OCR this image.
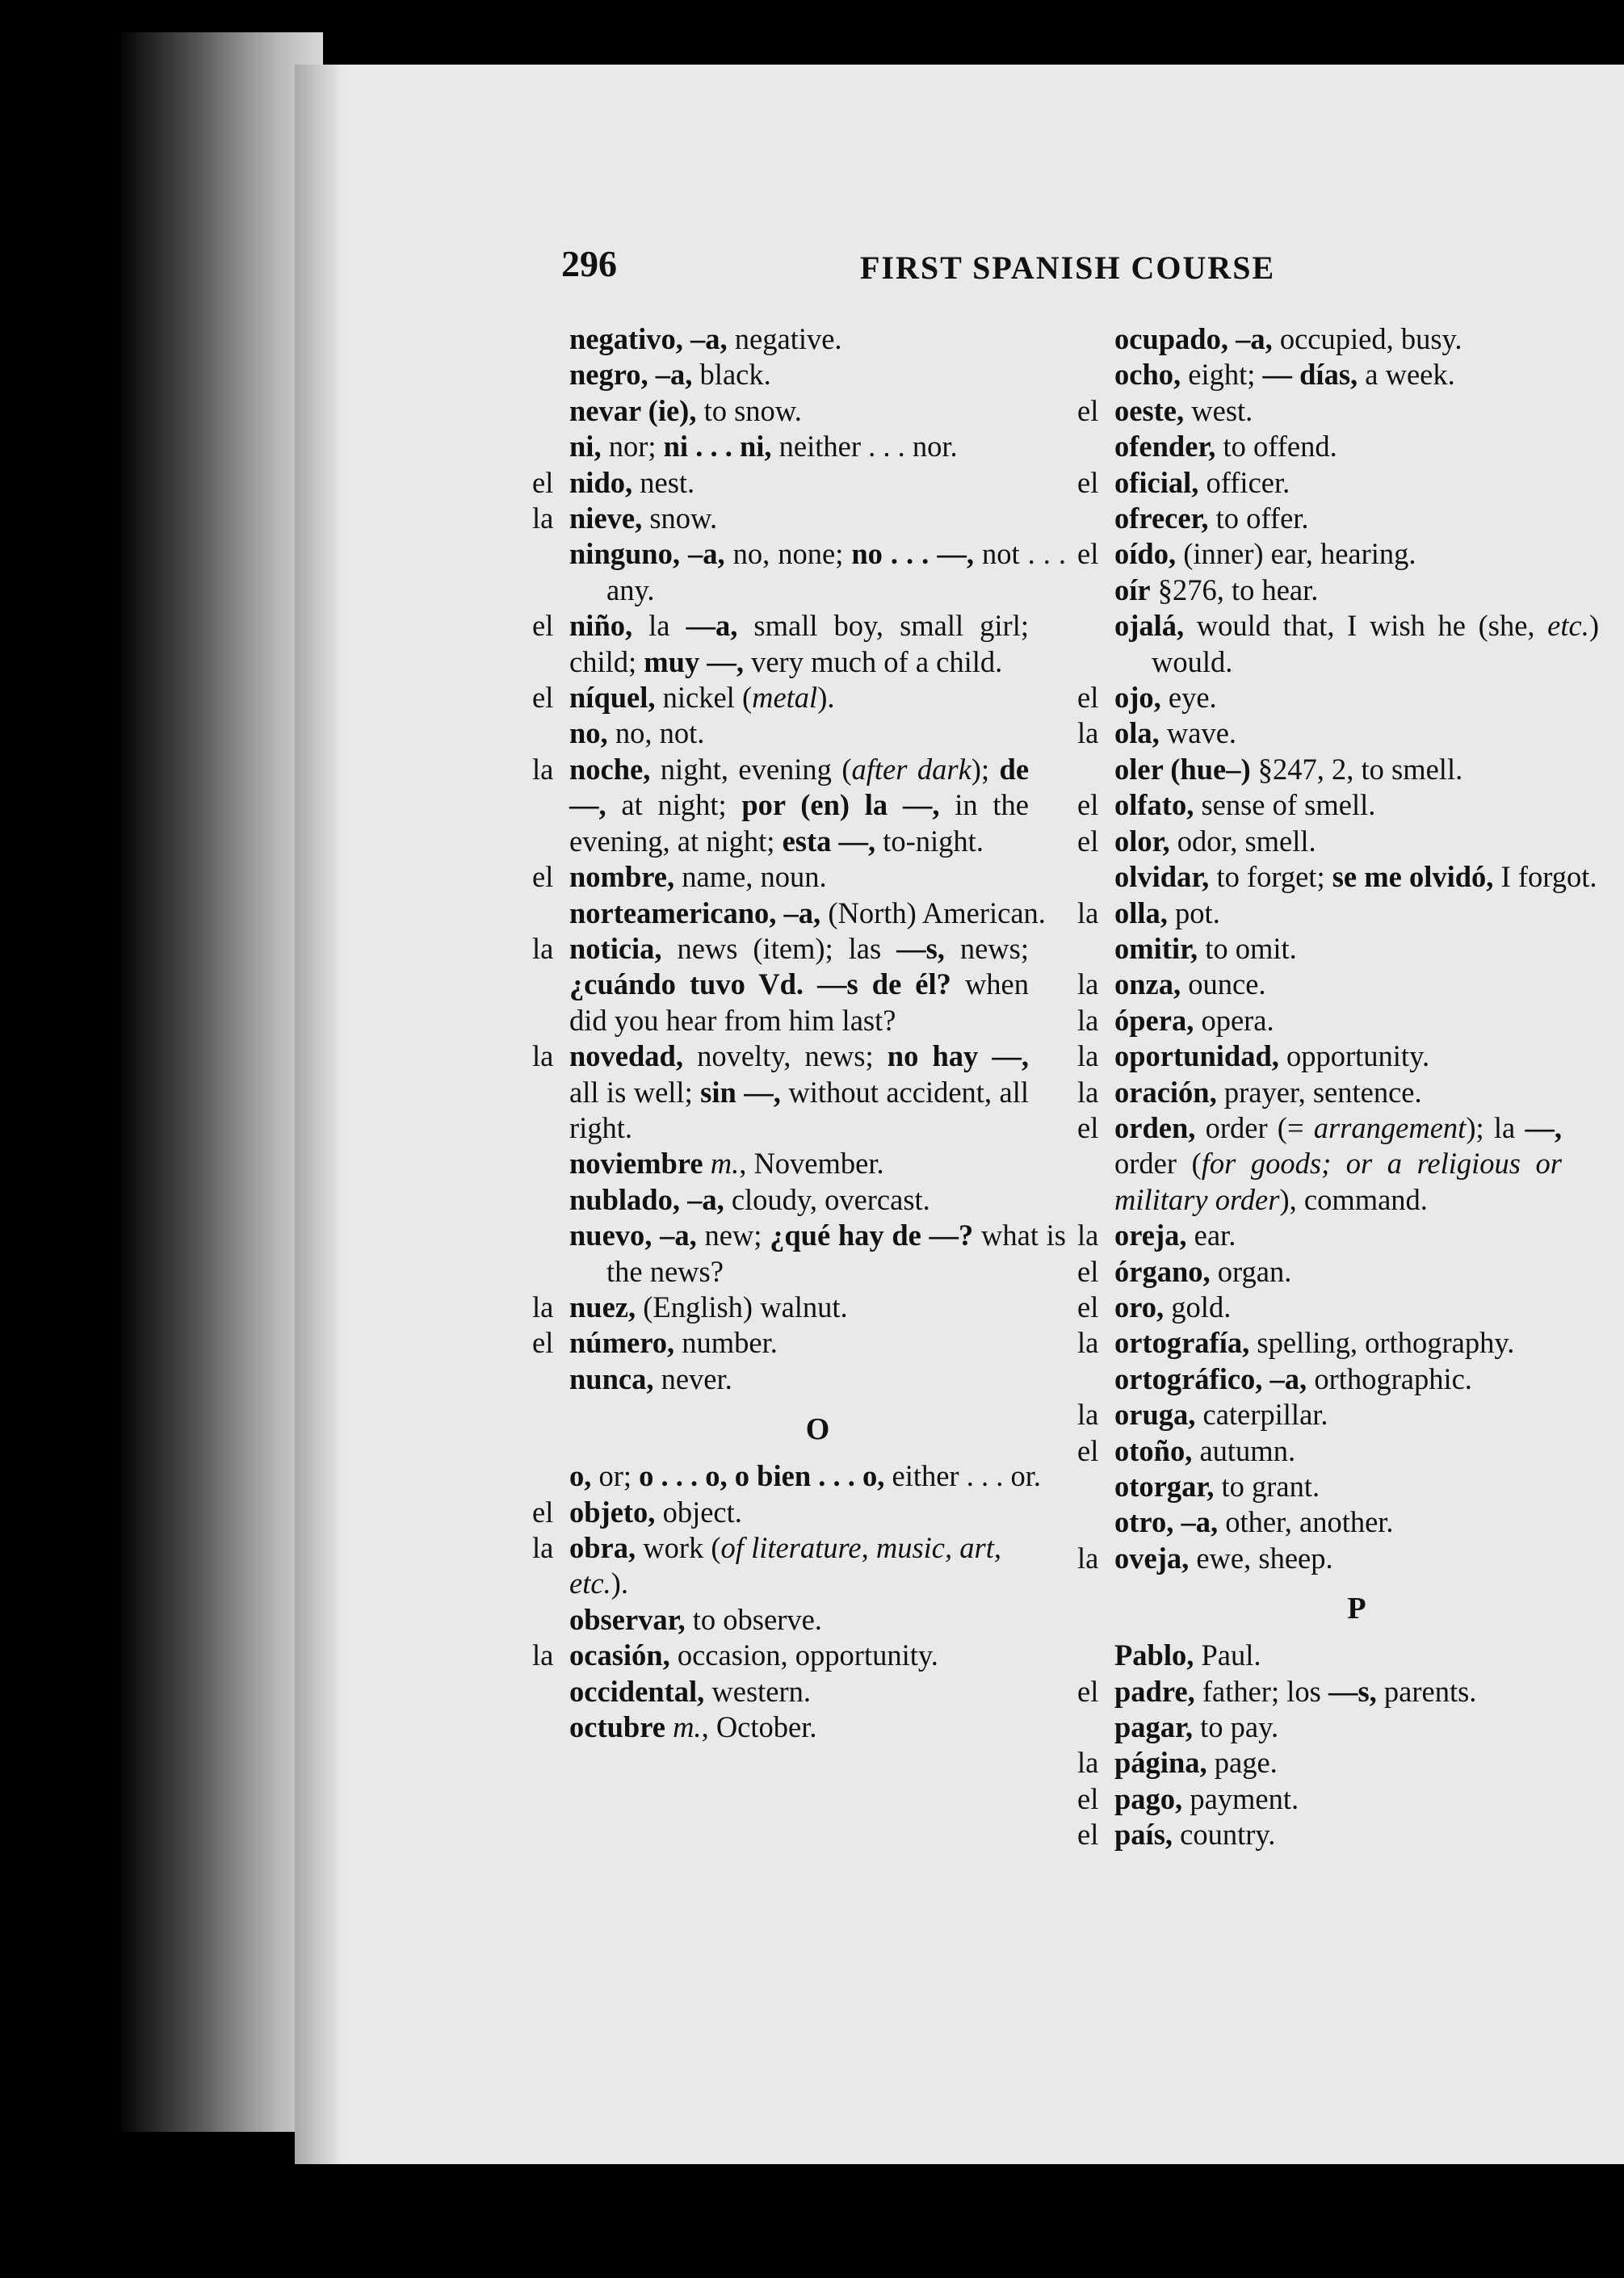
296	FIRST SPANISH COURSE

negativo, –a, negative.

negro, –a, black.

nevar (ie), to snow.

ni, nor; ni . . . ni, neither . . . nor.

el nido, nest.

la nieve, snow.

ninguno, –a, no, none; no . . . —, not . . . any.

el niño, la —a, small boy, small girl; child; muy —, very much of a child.

el níquel, nickel (metal).

no, no, not.

la noche, night, evening (after dark); de —, at night; por (en) la —, in the evening, at night; esta —, to-night.

el nombre, name, noun.

norteamericano, –a, (North) American.

la noticia, news (item); las —s, news; ¿cuándo tuvo Vd. —s de él? when did you hear from him last?

la novedad, novelty, news; no hay —, all is well; sin —, without accident, all right.

noviembre m., November.

nublado, –a, cloudy, overcast.

nuevo, –a, new; ¿qué hay de —? what is the news?

la nuez, (English) walnut.

el número, number.

nunca, never.

O

o, or; o . . . o, o bien . . . o, either . . . or.

el objeto, object.

la obra, work (of literature, music, art, etc.).

observar, to observe.

la ocasión, occasion, opportunity.

occidental, western.

octubre m., October.

ocupado, –a, occupied, busy.

ocho, eight; — días, a week.

el oeste, west.

ofender, to offend.

el oficial, officer.

ofrecer, to offer.

el oído, (inner) ear, hearing.

oír §276, to hear.

ojalá, would that, I wish he (she, etc.) would.

el ojo, eye.

la ola, wave.

oler (hue–) §247, 2, to smell.

el olfato, sense of smell.

el olor, odor, smell.

olvidar, to forget; se me olvidó, I forgot.

la olla, pot.

omitir, to omit.

la onza, ounce.

la ópera, opera.

la oportunidad, opportunity.

la oración, prayer, sentence.

el orden, order (= arrangement); la —, order (for goods; or a religious or military order), command.

la oreja, ear.

el órgano, organ.

el oro, gold.

la ortografía, spelling, orthography.

ortográfico, –a, orthographic.

la oruga, caterpillar.

el otoño, autumn.

otorgar, to grant.

otro, –a, other, another.

la oveja, ewe, sheep.

P

Pablo, Paul.

el padre, father; los —s, parents.

pagar, to pay.

la página, page.

el pago, payment.

el país, country.
